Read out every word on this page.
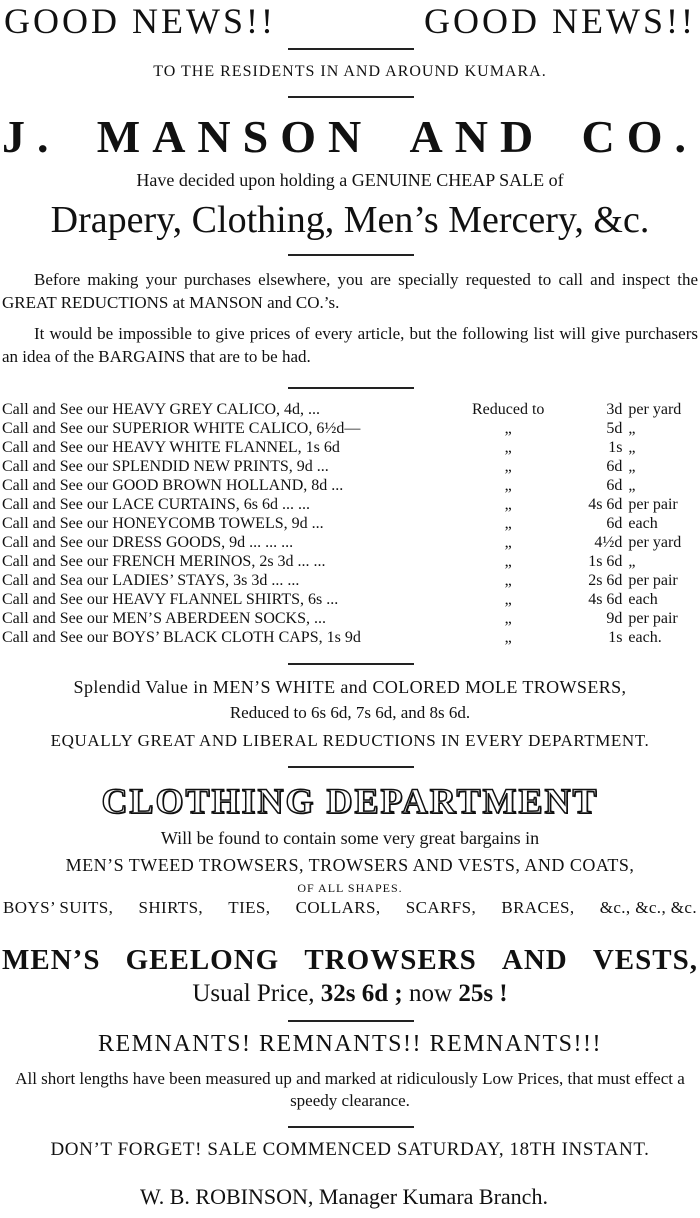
GOOD NEWS!!	GOOD NEWS!!
TO THE RESIDENTS IN AND AROUND KUMARA.
J. MANSON AND CO.
Have decided upon holding a GENUINE CHEAP SALE of
Drapery, Clothing, Men’s Mercery, &c.
Before making your purchases elsewhere, you are specially requested to call and inspect the GREAT REDUCTIONS at MANSON and CO.’s.
It would be impossible to give prices of every article, but the following list will give purchasers an idea of the BARGAINS that are to be had.
Call and See our HEAVY GREY CALICO, 4d, ...	Reduced to	3d	per yard
Call and See our SUPERIOR WHITE CALICO, 6½d—	„	5d	„
Call and See our HEAVY WHITE FLANNEL, 1s 6d	„	1s	„
Call and See our SPLENDID NEW PRINTS, 9d ...	„	6d	„
Call and See our GOOD BROWN HOLLAND, 8d ...	„	6d	„
Call and See our LACE CURTAINS, 6s 6d ... ...	„	4s 6d	per pair
Call and See our HONEYCOMB TOWELS, 9d ...	„	6d	each
Call and See our DRESS GOODS, 9d ... ... ...	„	4½d	per yard
Call and See our FRENCH MERINOS, 2s 3d ... ...	„	1s 6d	„
Call and Sea our LADIES’ STAYS, 3s 3d ... ...	„	2s 6d	per pair
Call and See our HEAVY FLANNEL SHIRTS, 6s ...	„	4s 6d	each
Call and See our MEN’S ABERDEEN SOCKS, ...	„	9d	per pair
Call and See our BOYS’ BLACK CLOTH CAPS, 1s 9d	„	1s	each.
Splendid Value in MEN’S WHITE and COLORED MOLE TROWSERS,
Reduced to 6s 6d, 7s 6d, and 8s 6d.
EQUALLY GREAT AND LIBERAL REDUCTIONS IN EVERY DEPARTMENT.
CLOTHING DEPARTMENT
Will be found to contain some very great bargains in
MEN’S TWEED TROWSERS, TROWSERS AND VESTS, AND COATS,
OF ALL SHAPES.
BOYS’ SUITS, SHIRTS, TIES, COLLARS, SCARFS, BRACES, &c., &c., &c.
MEN’S GEELONG TROWSERS AND VESTS,
Usual Price, 32s 6d ; now 25s !
REMNANTS! REMNANTS!! REMNANTS!!!
All short lengths have been measured up and marked at ridiculously Low Prices, that must effect a speedy clearance.
DON’T FORGET! SALE COMMENCED SATURDAY, 18TH INSTANT.
W. B. ROBINSON, Manager Kumara Branch.
